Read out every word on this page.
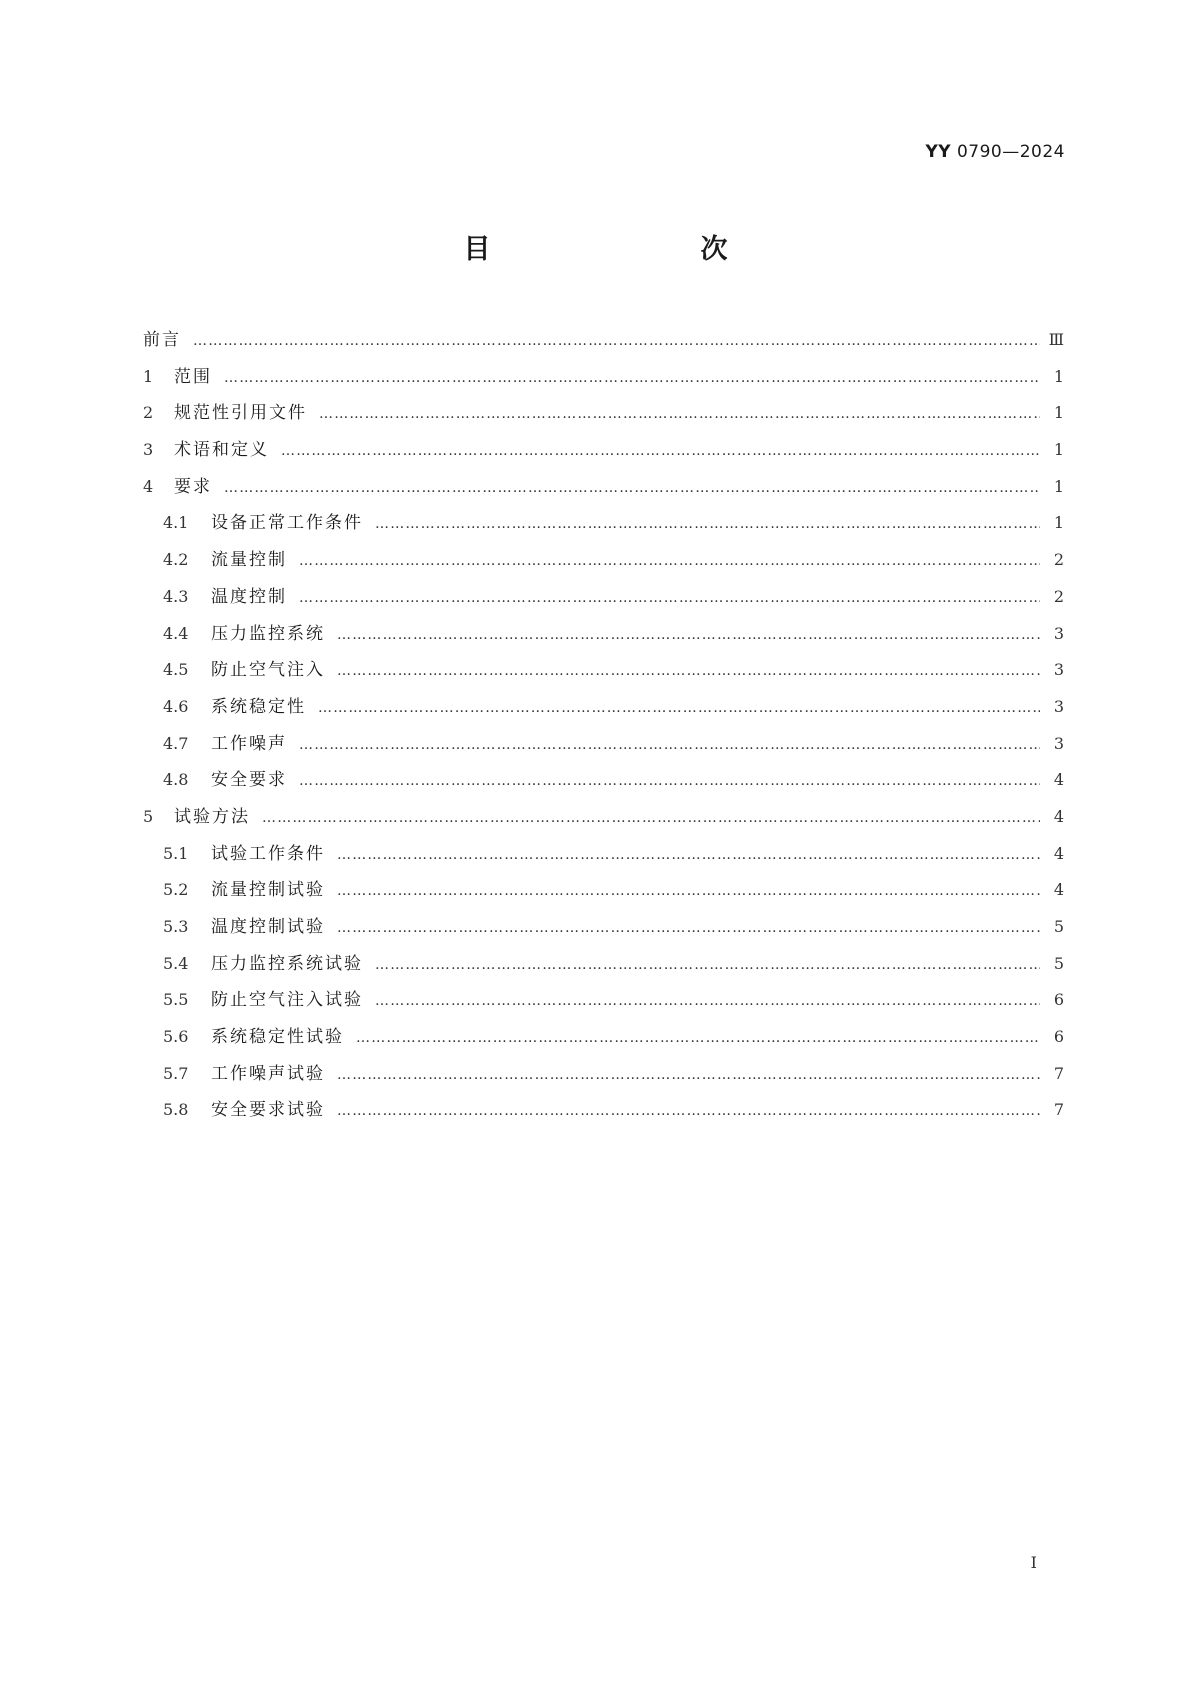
YY 0790—2024
目　　次
前言 ……………………………………………………………………………………………………………………………………………………………………………………………………………………………………	Ⅲ
1	范围 ……………………………………………………………………………………………………………………………………………………………………………………………………………………………………	1
2	规范性引用文件 ……………………………………………………………………………………………………………………………………………………………………………………………………………………………………	1
3	术语和定义 ……………………………………………………………………………………………………………………………………………………………………………………………………………………………………	1
4	要求 ……………………………………………………………………………………………………………………………………………………………………………………………………………………………………	1
4.1	设备正常工作条件 ……………………………………………………………………………………………………………………………………………………………………………………………………………………………………	1
4.2	流量控制 ……………………………………………………………………………………………………………………………………………………………………………………………………………………………………	2
4.3	温度控制 ……………………………………………………………………………………………………………………………………………………………………………………………………………………………………	2
4.4	压力监控系统 ……………………………………………………………………………………………………………………………………………………………………………………………………………………………………	3
4.5	防止空气注入 ……………………………………………………………………………………………………………………………………………………………………………………………………………………………………	3
4.6	系统稳定性 ……………………………………………………………………………………………………………………………………………………………………………………………………………………………………	3
4.7	工作噪声 ……………………………………………………………………………………………………………………………………………………………………………………………………………………………………	3
4.8	安全要求 ……………………………………………………………………………………………………………………………………………………………………………………………………………………………………	4
5	试验方法 ……………………………………………………………………………………………………………………………………………………………………………………………………………………………………	4
5.1	试验工作条件 ……………………………………………………………………………………………………………………………………………………………………………………………………………………………………	4
5.2	流量控制试验 ……………………………………………………………………………………………………………………………………………………………………………………………………………………………………	4
5.3	温度控制试验 ……………………………………………………………………………………………………………………………………………………………………………………………………………………………………	5
5.4	压力监控系统试验 ……………………………………………………………………………………………………………………………………………………………………………………………………………………………………	5
5.5	防止空气注入试验 ……………………………………………………………………………………………………………………………………………………………………………………………………………………………………	6
5.6	系统稳定性试验 ……………………………………………………………………………………………………………………………………………………………………………………………………………………………………	6
5.7	工作噪声试验 ……………………………………………………………………………………………………………………………………………………………………………………………………………………………………	7
5.8	安全要求试验 ……………………………………………………………………………………………………………………………………………………………………………………………………………………………………	7
I
